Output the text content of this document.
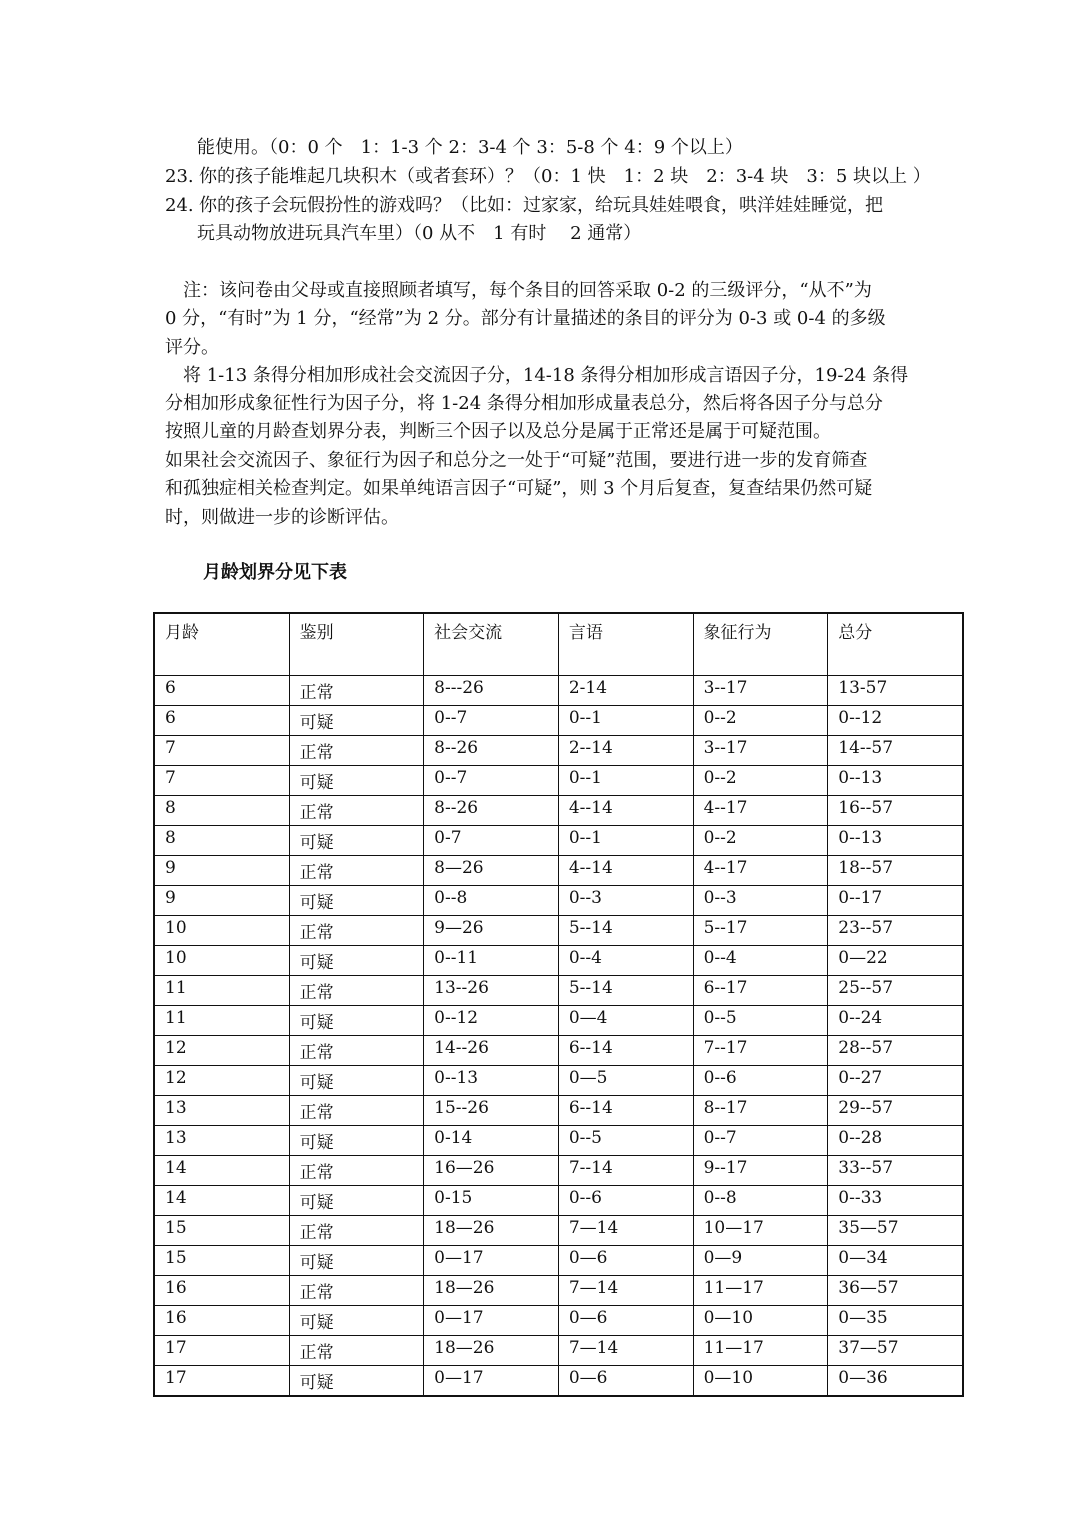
能使用。（0：0 个　1：1-3 个 2：3-4 个 3：5-8 个 4：9 个以上）
23. 你的孩子能堆起几块积木（或者套环）？（0：1 快　1：2 块　2：3-4 块　3：5 块以上 ）
24. 你的孩子会玩假扮性的游戏吗？（比如：过家家，给玩具娃娃喂食，哄洋娃娃睡觉，把
玩具动物放进玩具汽车里）（0 从不　1 有时　 2 通常）
注：该问卷由父母或直接照顾者填写，每个条目的回答采取 0-2 的三级评分，“从不”为
0 分，“有时”为 1 分，“经常”为 2 分。部分有计量描述的条目的评分为 0-3 或 0-4 的多级
评分。
将 1-13 条得分相加形成社会交流因子分，14-18 条得分相加形成言语因子分，19-24 条得
分相加形成象征性行为因子分，将 1-24 条得分相加形成量表总分，然后将各因子分与总分
按照儿童的月龄查划界分表，判断三个因子以及总分是属于正常还是属于可疑范围。
如果社会交流因子、象征行为因子和总分之一处于“可疑”范围，要进行进一步的发育筛查
和孤独症相关检查判定。如果单纯语言因子“可疑”，则 3 个月后复查，复查结果仍然可疑
时，则做进一步的诊断评估。
月龄划界分见下表
月龄	鉴别	社会交流	言语	象征行为	总分
6	正常	8---26	2-14	3--17	13-57
6	可疑	0--7	0--1	0--2	0--12
7	正常	8--26	2--14	3--17	14--57
7	可疑	0--7	0--1	0--2	0--13
8	正常	8--26	4--14	4--17	16--57
8	可疑	0-7	0--1	0--2	0--13
9	正常	8—26	4--14	4--17	18--57
9	可疑	0--8	0--3	0--3	0--17
10	正常	9—26	5--14	5--17	23--57
10	可疑	0--11	0--4	0--4	0—22
11	正常	13--26	5--14	6--17	25--57
11	可疑	0--12	0—4	0--5	0--24
12	正常	14--26	6--14	7--17	28--57
12	可疑	0--13	0—5	0--6	0--27
13	正常	15--26	6--14	8--17	29--57
13	可疑	0-14	0--5	0--7	0--28
14	正常	16—26	7--14	9--17	33--57
14	可疑	0-15	0--6	0--8	0--33
15	正常	18—26	7—14	10—17	35—57
15	可疑	0—17	0—6	0—9	0—34
16	正常	18—26	7—14	11—17	36—57
16	可疑	0—17	0—6	0—10	0—35
17	正常	18—26	7—14	11—17	37—57
17	可疑	0—17	0—6	0—10	0—36
